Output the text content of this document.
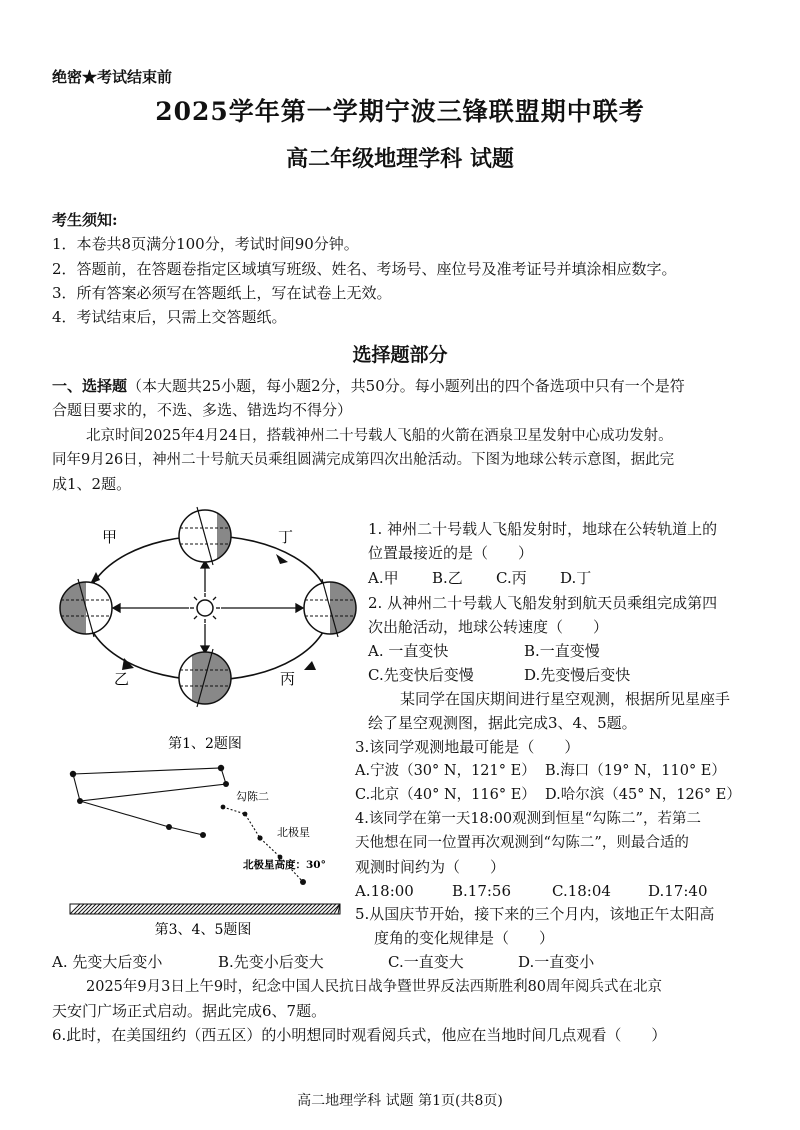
绝密★考试结束前
2025学年第一学期宁波三锋联盟期中联考
高二年级地理学科 试题
考生须知:
1．本卷共8页满分100分，考试时间90分钟。
2．答题前，在答题卷指定区域填写班级、姓名、考场号、座位号及准考证号并填涂相应数字。
3．所有答案必须写在答题纸上，写在试卷上无效。
4．考试结束后，只需上交答题纸。
选择题部分
一、选择题（本大题共25小题，每小题2分，共50分。每小题列出的四个备选项中只有一个是符
合题目要求的，不选、多选、错选均不得分）
北京时间2025年4月24日，搭载神州二十号载人飞船的火箭在酒泉卫星发射中心成功发射。
同年9月26日，神州二十号航天员乘组圆满完成第四次出舱活动。下图为地球公转示意图，据此完
成1、2题。
甲	丁
乙	丙
第1、2题图
1. 神州二十号载人飞船发射时，地球在公转轨道上的
位置最接近的是（　　）
A.甲 B.乙 C.丙 D.丁
2. 从神州二十号载人飞船发射到航天员乘组完成第四
次出舱活动，地球公转速度（　　）
A. 一直变快	B.一直变慢
C.先变快后变慢	D.先变慢后变快
某同学在国庆期间进行星空观测，根据所见星座手
绘了星空观测图，据此完成3、4、5题。
3.该同学观测地最可能是（　　）
A.宁波（30° N，121° E） B.海口（19° N，110° E）
C.北京（40° N，116° E） D.哈尔滨（45° N，126° E）
4.该同学在第一天18:00观测到恒星“勾陈二”，若第二
天他想在同一位置再次观测到“勾陈二”，则最合适的
观测时间约为（　　）
A.18:00	B.17:56	C.18:04 D.17:40
5.从国庆节开始，接下来的三个月内，该地正午太阳高
度角的变化规律是（　　）
勾陈二
北极星
北极星高度：30°
第3、4、5题图
A. 先变大后变小	B.先变小后变大	C.一直变大	D.一直变小
2025年9月3日上午9时，纪念中国人民抗日战争暨世界反法西斯胜利80周年阅兵式在北京
天安门广场正式启动。据此完成6、7题。
6.此时，在美国纽约（西五区）的小明想同时观看阅兵式，他应在当地时间几点观看（　　）
高二地理学科 试题 第1页(共8页)
